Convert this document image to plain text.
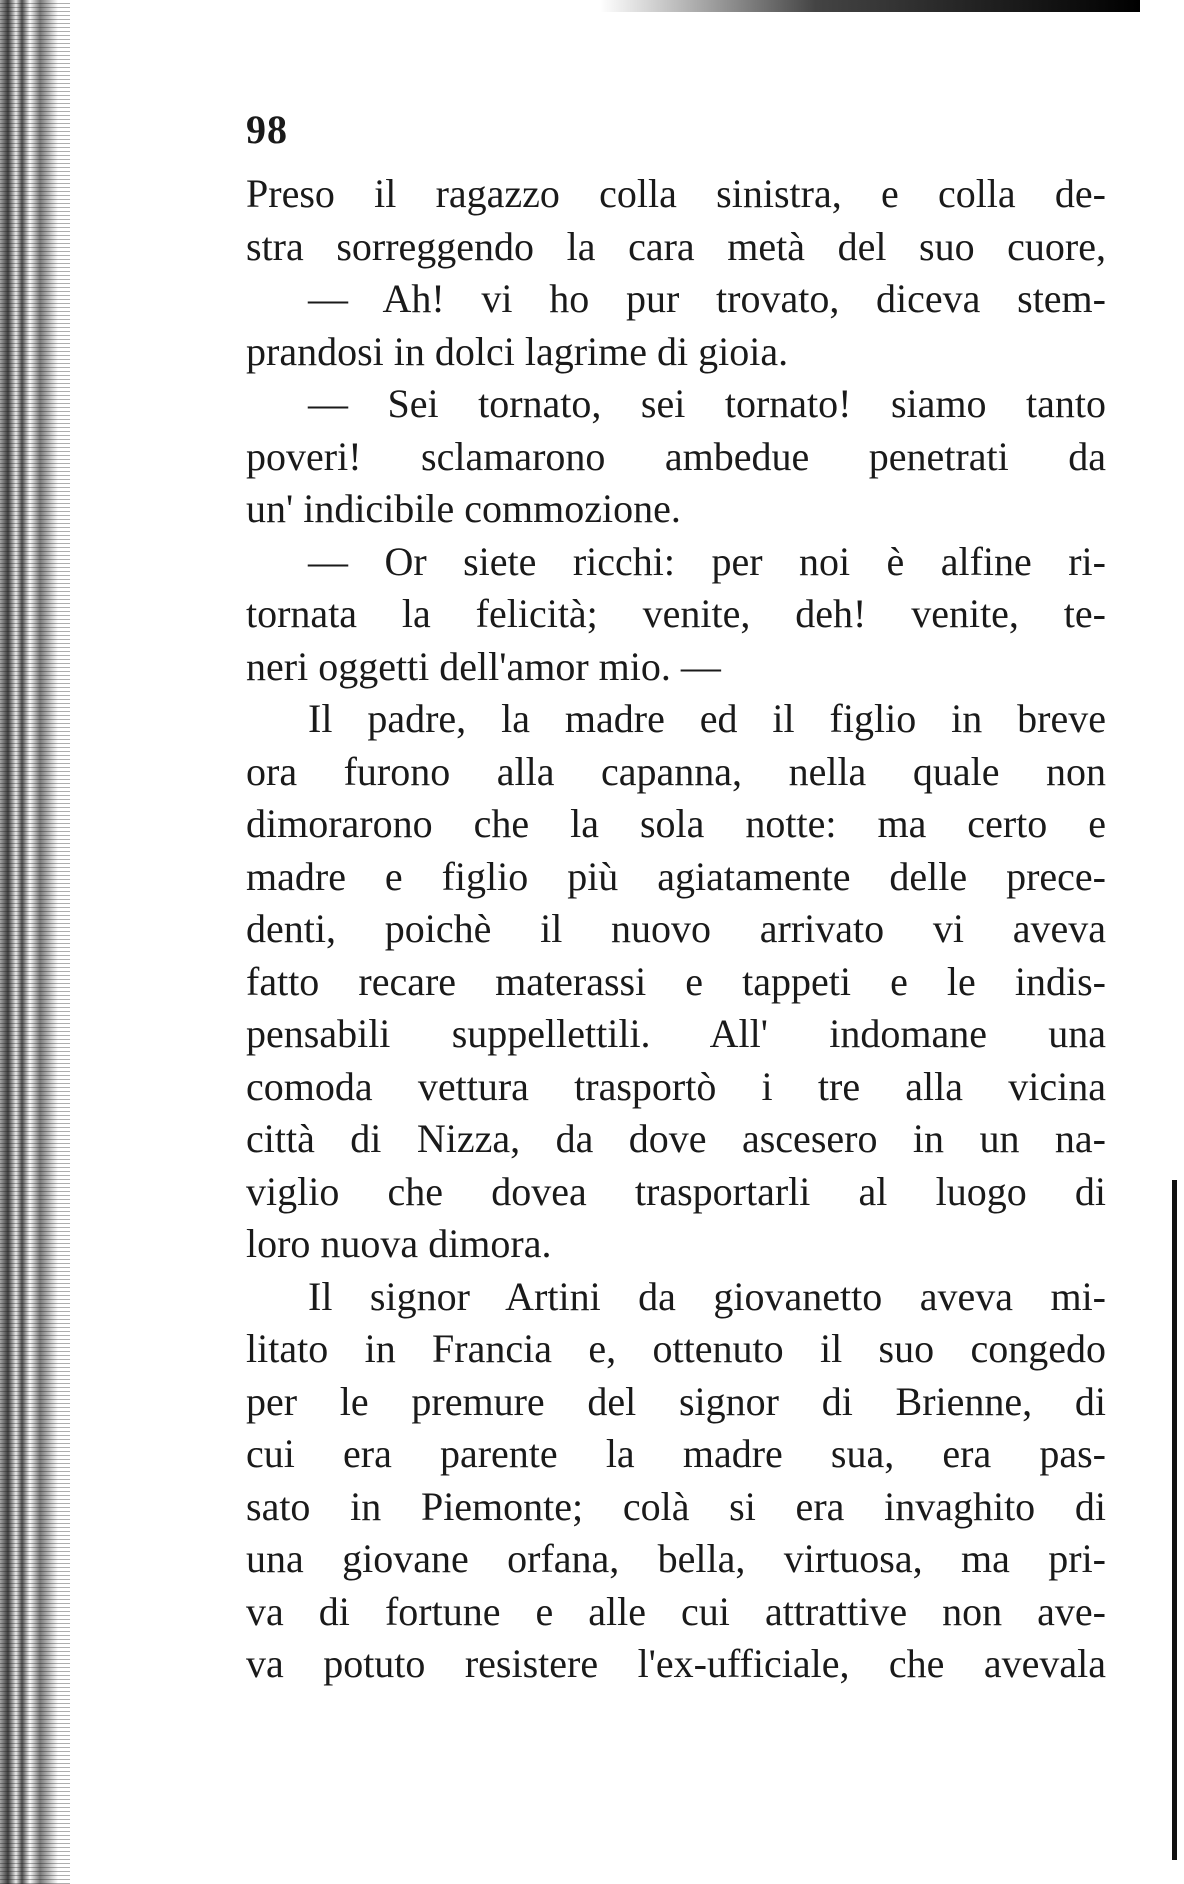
98
Preso il ragazzo colla sinistra, e colla de-
stra sorreggendo la cara metà del suo cuore,
— Ah! vi ho pur trovato, diceva stem-
prandosi in dolci lagrime di gioia.
— Sei tornato, sei tornato! siamo tanto
poveri! sclamarono ambedue penetrati da
un' indicibile commozione.
— Or siete ricchi: per noi è alfine ri-
tornata la felicità; venite, deh! venite, te-
neri oggetti dell'amor mio. —
Il padre, la madre ed il figlio in breve
ora furono alla capanna, nella quale non
dimorarono che la sola notte: ma certo e
madre e figlio più agiatamente delle prece-
denti, poichè il nuovo arrivato vi aveva
fatto recare materassi e tappeti e le indis-
pensabili suppellettili. All' indomane una
comoda vettura trasportò i tre alla vicina
città di Nizza, da dove ascesero in un na-
viglio che dovea trasportarli al luogo di
loro nuova dimora.
Il signor Artini da giovanetto aveva mi-
litato in Francia e, ottenuto il suo congedo
per le premure del signor di Brienne, di
cui era parente la madre sua, era pas-
sato in Piemonte; colà si era invaghito di
una giovane orfana, bella, virtuosa, ma pri-
va di fortune e alle cui attrattive non ave-
va potuto resistere l'ex-ufficiale, che avevala
